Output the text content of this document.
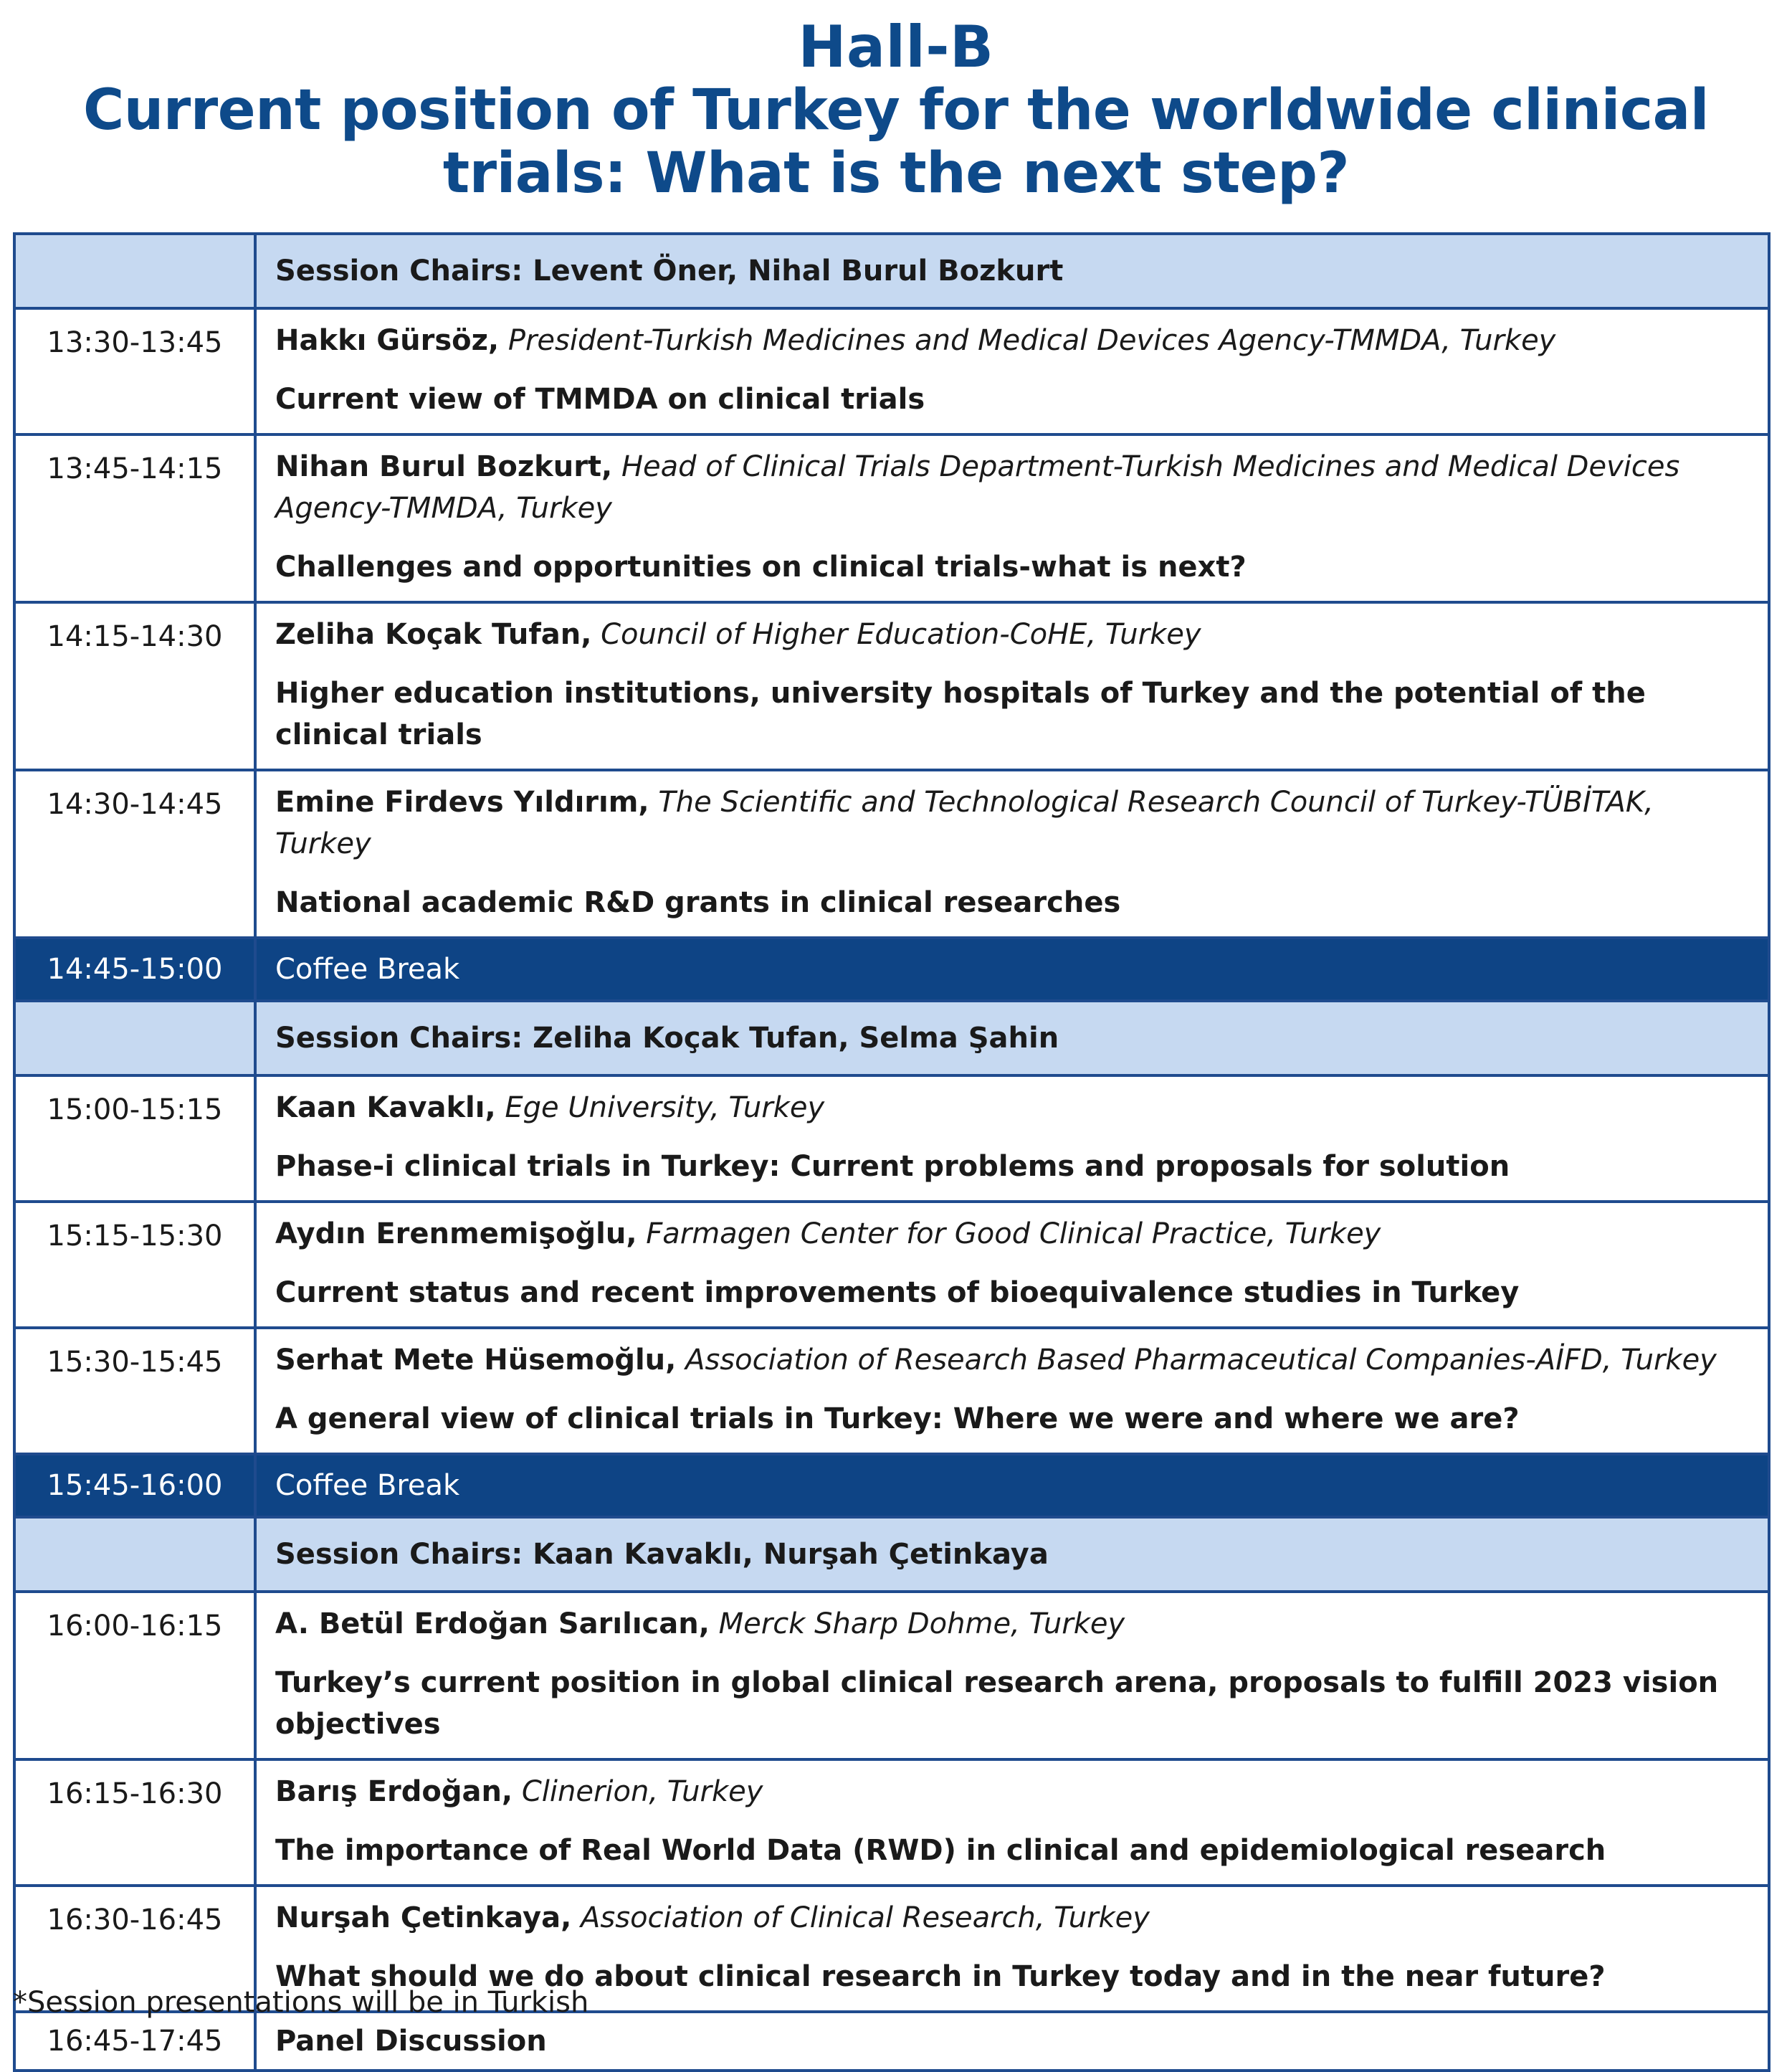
Hall-B
Current position of Turkey for the worldwide clinical
trials: What is the next step?
	Session Chairs: Levent Öner, Nihal Burul Bozkurt
13:30-13:45	Hakkı Gürsöz, President-Turkish Medicines and Medical Devices Agency-TMMDA, Turkey
Current view of TMMDA on clinical trials

13:45-14:15	Nihan Burul Bozkurt, Head of Clinical Trials Department-Turkish Medicines and Medical Devices Agency-TMMDA, Turkey
Challenges and opportunities on clinical trials-what is next?

14:15-14:30	Zeliha Koçak Tufan, Council of Higher Education-CoHE, Turkey
Higher education institutions, university hospitals of Turkey and the potential of the clinical trials

14:30-14:45	Emine Firdevs Yıldırım, The Scientific and Technological Research Council of Turkey-TÜBİTAK, Turkey
National academic R&D grants in clinical researches

14:45-15:00	Coffee Break
	Session Chairs: Zeliha Koçak Tufan, Selma Şahin
15:00-15:15	Kaan Kavaklı, Ege University, Turkey
Phase-i clinical trials in Turkey: Current problems and proposals for solution

15:15-15:30	Aydın Erenmemişoğlu, Farmagen Center for Good Clinical Practice, Turkey
Current status and recent improvements of bioequivalence studies in Turkey

15:30-15:45	Serhat Mete Hüsemoğlu, Association of Research Based Pharmaceutical Companies-AİFD, Turkey
A general view of clinical trials in Turkey: Where we were and where we are?

15:45-16:00	Coffee Break
	Session Chairs: Kaan Kavaklı, Nurşah Çetinkaya
16:00-16:15	A. Betül Erdoğan Sarılıcan, Merck Sharp Dohme, Turkey
Turkey’s current position in global clinical research arena, proposals to fulfill 2023 vision objectives

16:15-16:30	Barış Erdoğan, Clinerion, Turkey
The importance of Real World Data (RWD) in clinical and epidemiological research

16:30-16:45	Nurşah Çetinkaya, Association of Clinical Research, Turkey
What should we do about clinical research in Turkey today and in the near future?

16:45-17:45	Panel Discussion
*Session presentations will be in Turkish
